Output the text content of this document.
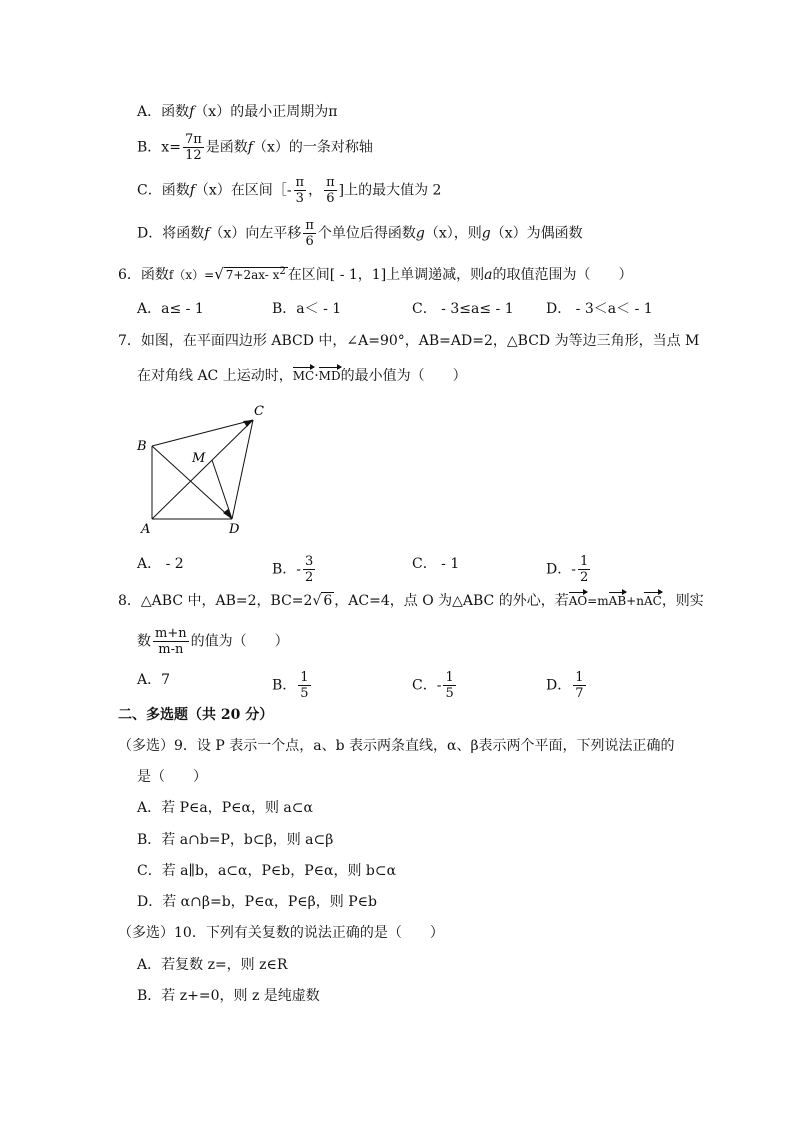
A．函数f（x）的最小正周期为π
B．$x= \frac{7\pi}{12}$ 是函数f（x）的一条对称轴
C．函数f（x）在区间［- $\frac{\pi}{3}$ ， $\frac{\pi}{6}$ ]上的最大值为 2
D．将函数f（x）向左平移 $\frac{\pi}{6}$ 个单位后得函数g（x），则g（x）为偶函数
6．函数f（x）=√ 7+2ax- $x^2$ 在区间[ - 1，1]上单调递减，则a的取值范围为（　　）
A．a≤ - 1	B．a＜ - 1	C． - 3≤a≤ - 1 D． - 3＜a＜ - 1
7．如图，在平面四边形 ABCD 中，∠A=90°，AB=AD=2，△BCD 为等边三角形，当点 M
在对角线 AC 上运动时，MC·MD的最小值为（　　）
B
C
M
A	D
A． - 2	B．- $\frac{3}{2}$	C． - 1	D．- $\frac{1}{2}$
8．△ABC 中，AB=2，BC=2√ 6 ，AC=4，点 O 为△ABC 的外心，若AO=mAB+nAC，则实
数 $\frac{m+n}{m-n}$ 的值为（　　）
A．7	B． $\frac{1}{5}$	C．- $\frac{1}{5}$	D． $\frac{1}{7}$
二、多选题（共 20 分）
（多选）9．设 P 表示一个点，a、b 表示两条直线，α、β表示两个平面，下列说法正确的
是（　　）
A．若 P∈a，P∈α，则 a⊂α
B．若 a∩b=P，b⊂β，则 a⊂β
C．若 a∥b，a⊂α，P∈b，P∈α，则 b⊂α
D．若 α∩β=b，P∈α，P∈β，则 P∈b
（多选）10．下列有关复数的说法正确的是（　　）
A．若复数 z=，则 z∈R
B．若 z+=0，则 z 是纯虚数
